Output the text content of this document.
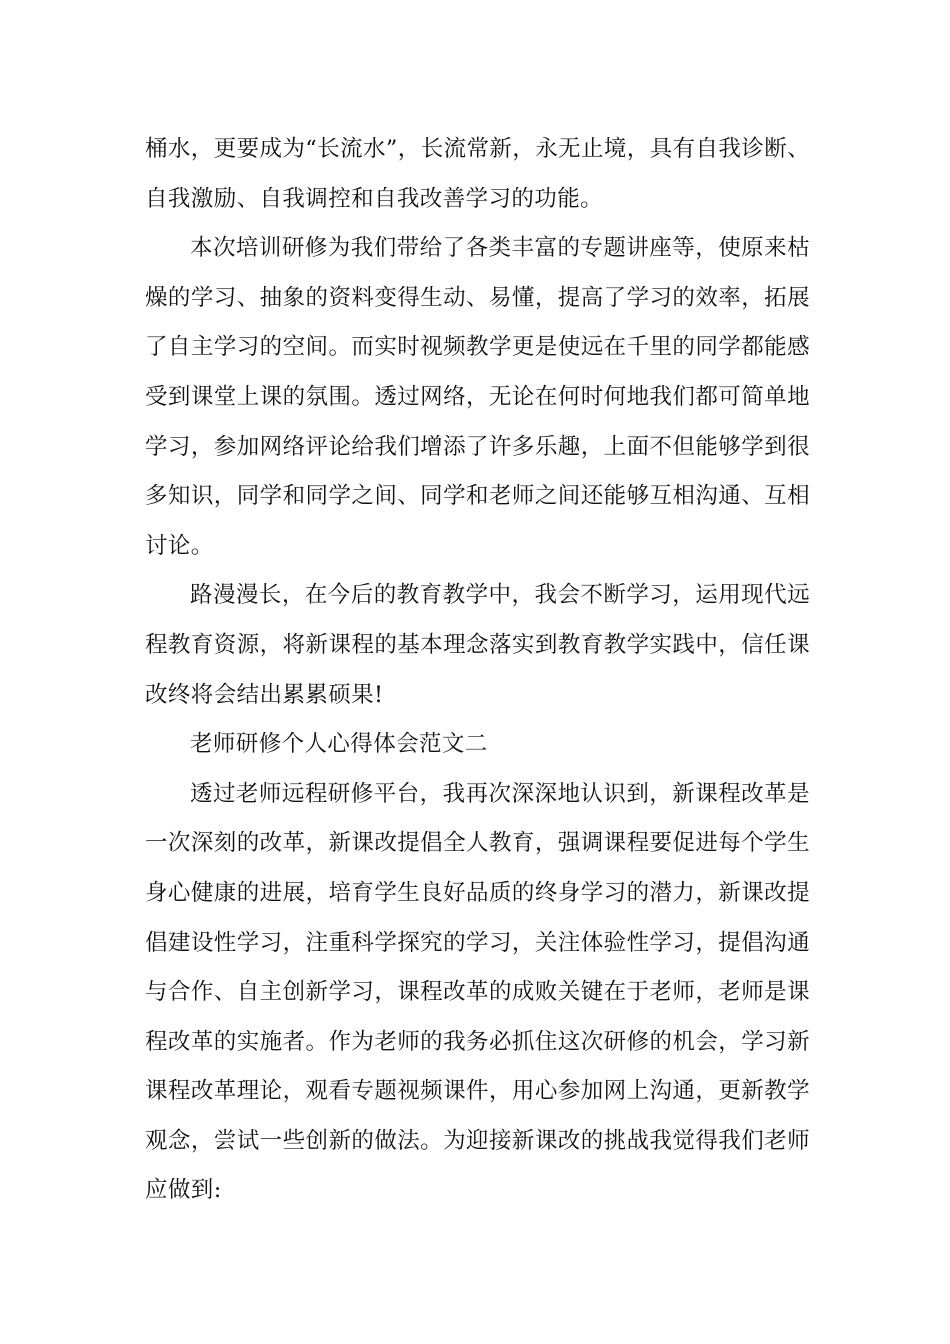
桶水，更要成为“长流水”，长流常新，永无止境，具有自我诊断、自我激励、自我调控和自我改善学习的功能。

本次培训研修为我们带给了各类丰富的专题讲座等，使原来枯燥的学习、抽象的资料变得生动、易懂，提高了学习的效率，拓展了自主学习的空间。而实时视频教学更是使远在千里的同学都能感受到课堂上课的氛围。透过网络，无论在何时何地我们都可简单地学习，参加网络评论给我们增添了许多乐趣，上面不但能够学到很多知识，同学和同学之间、同学和老师之间还能够互相沟通、互相讨论。

路漫漫长，在今后的教育教学中，我会不断学习，运用现代远程教育资源，将新课程的基本理念落实到教育教学实践中，信任课改终将会结出累累硕果!

老师研修个人心得体会范文二

透过老师远程研修平台，我再次深深地认识到，新课程改革是一次深刻的改革，新课改提倡全人教育，强调课程要促进每个学生身心健康的进展，培育学生良好品质的终身学习的潜力，新课改提倡建设性学习，注重科学探究的学习，关注体验性学习，提倡沟通与合作、自主创新学习，课程改革的成败关键在于老师，老师是课程改革的实施者。作为老师的我务必抓住这次研修的机会，学习新课程改革理论，观看专题视频课件，用心参加网上沟通，更新教学观念，尝试一些创新的做法。为迎接新课改的挑战我觉得我们老师应做到:
